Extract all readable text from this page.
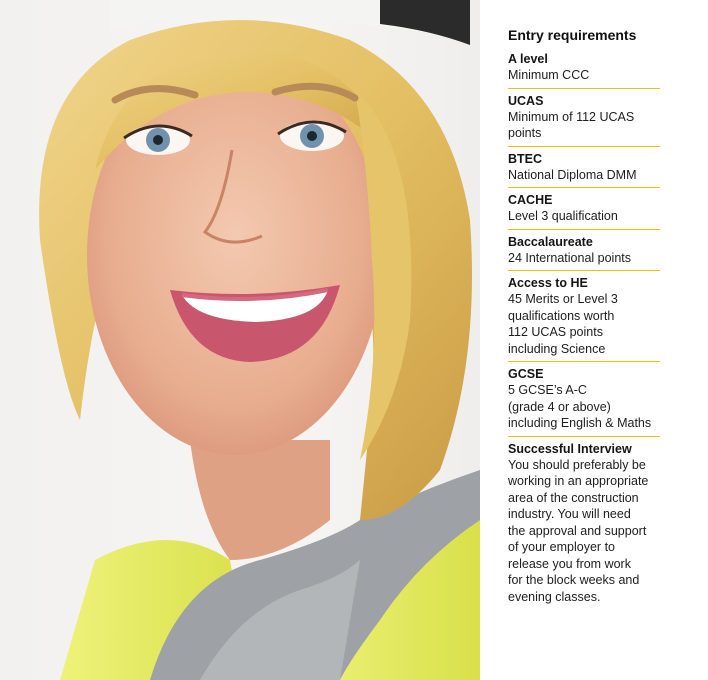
Entry requirements
A level
Minimum CCC
UCAS
Minimum of 112 UCAS
points
BTEC
National Diploma DMM
CACHE
Level 3 qualification
Baccalaureate
24 International points
Access to HE
45 Merits or Level 3
qualifications worth
112 UCAS points
including Science
GCSE
5 GCSE’s A-C
(grade 4 or above)
including English & Maths
Successful Interview
You should preferably be
working in an appropriate
area of the construction
industry. You will need
the approval and support
of your employer to
release you from work
for the block weeks and
evening classes.
